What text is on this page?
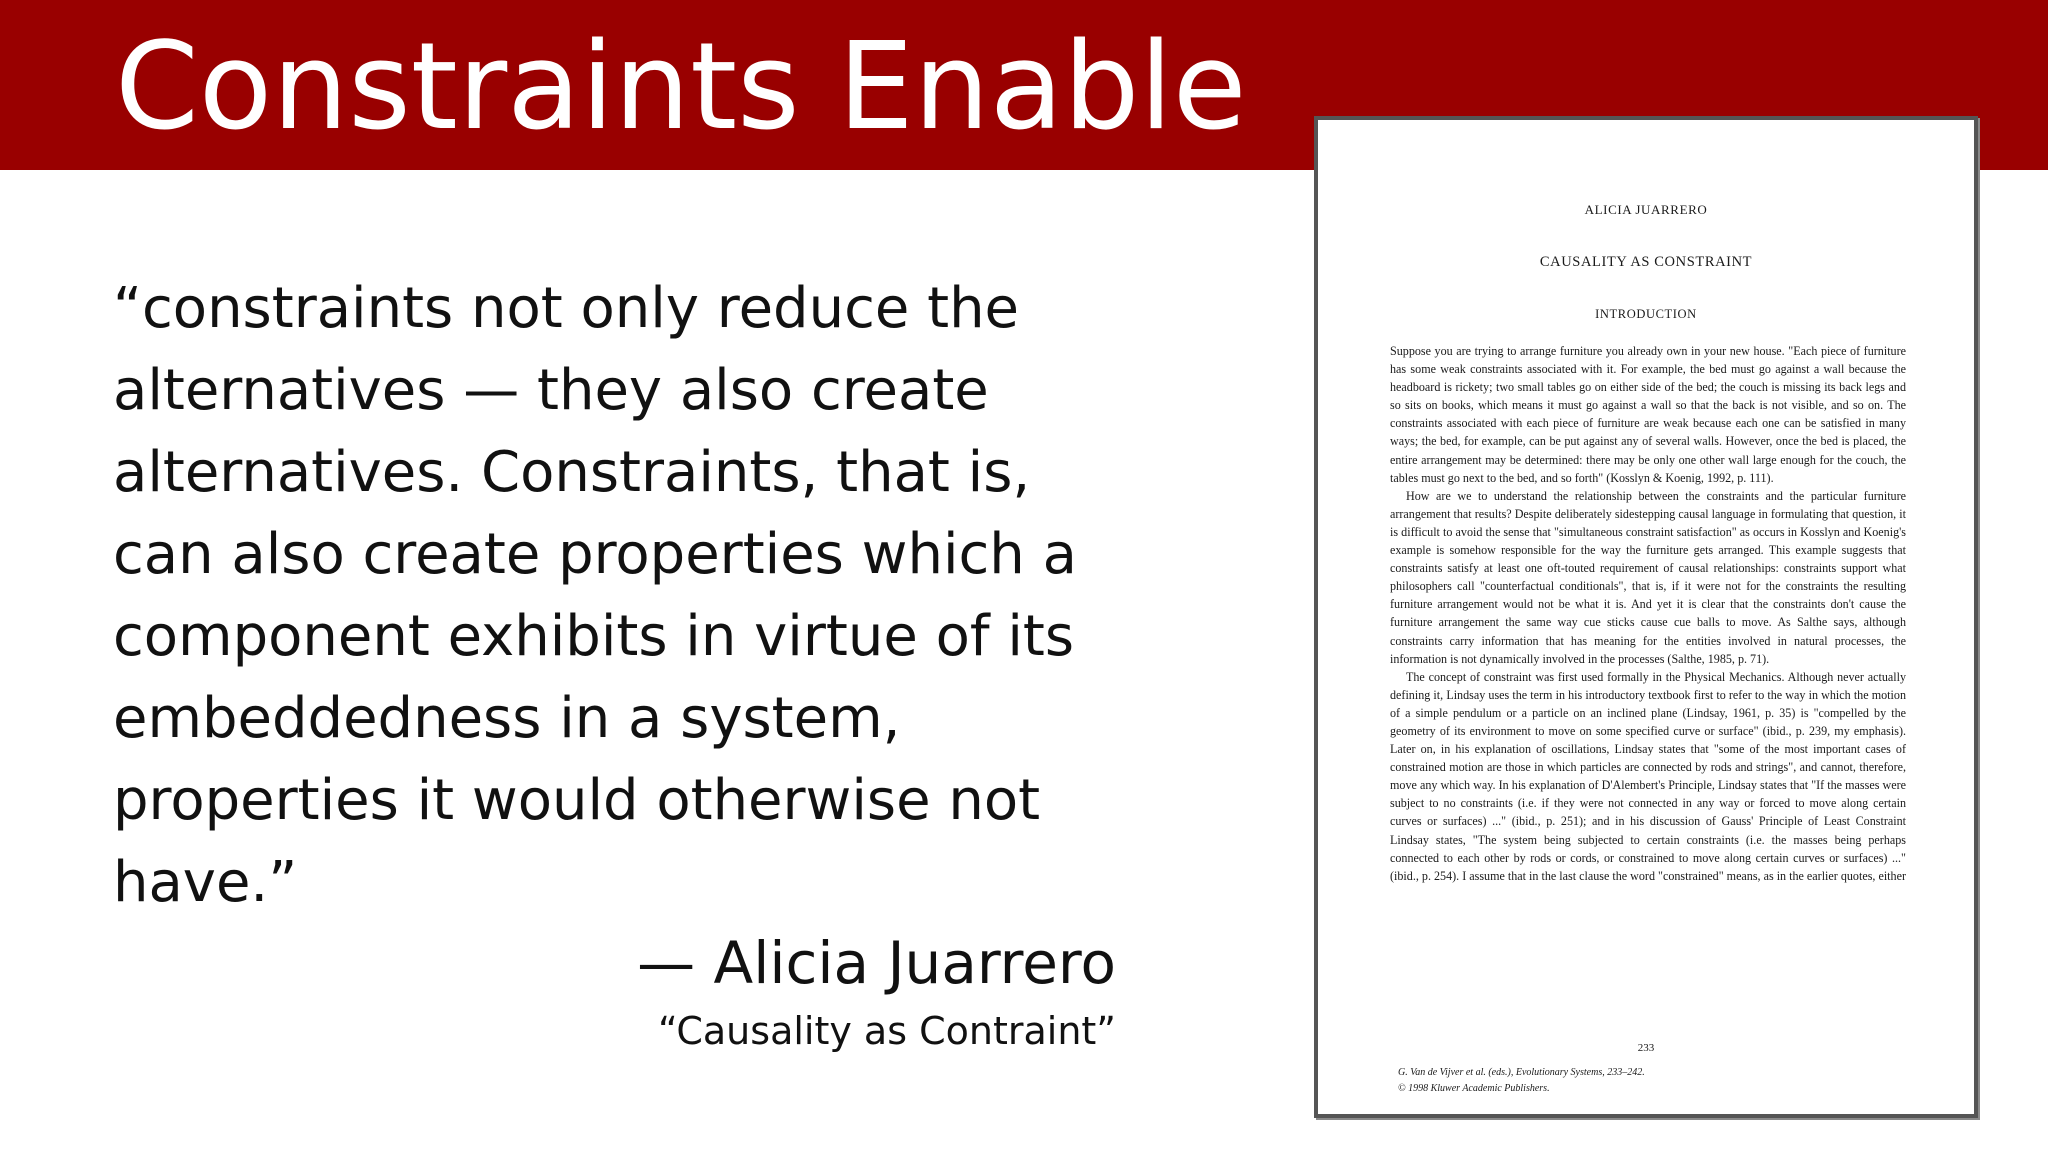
Constraints Enable

“constraints not only reduce the alternatives — they also create alternatives. Constraints, that is, can also create properties which a component exhibits in virtue of its embeddedness in a system, properties it would otherwise not have.”

— Alicia Juarrero

“Causality as Contraint”

ALICIA JUARRERO
CAUSALITY AS CONSTRAINT
INTRODUCTION

Suppose you are trying to arrange furniture you already own in your new house. "Each piece of furniture has some weak constraints associated with it. For example, the bed must go against a wall because the headboard is rickety; two small tables go on either side of the bed; the couch is missing its back legs and so sits on books, which means it must go against a wall so that the back is not visible, and so on. The constraints associated with each piece of furniture are weak because each one can be satisfied in many ways; the bed, for example, can be put against any of several walls. However, once the bed is placed, the entire arrangement may be determined: there may be only one other wall large enough for the couch, the tables must go next to the bed, and so forth" (Kosslyn & Koenig, 1992, p. 111).

How are we to understand the relationship between the constraints and the particular furniture arrangement that results? Despite deliberately sidestepping causal language in formulating that question, it is difficult to avoid the sense that "simultaneous constraint satisfaction" as occurs in Kosslyn and Koenig's example is somehow responsible for the way the furniture gets arranged. This example suggests that constraints satisfy at least one oft-touted requirement of causal relationships: constraints support what philosophers call "counterfactual conditionals", that is, if it were not for the constraints the resulting furniture arrangement would not be what it is. And yet it is clear that the constraints don't cause the furniture arrangement the same way cue sticks cause cue balls to move. As Salthe says, although constraints carry information that has meaning for the entities involved in natural processes, the information is not dynamically involved in the processes (Salthe, 1985, p. 71).

The concept of constraint was first used formally in the Physical Mechanics. Although never actually defining it, Lindsay uses the term in his introductory textbook first to refer to the way in which the motion of a simple pendulum or a particle on an inclined plane (Lindsay, 1961, p. 35) is "compelled by the geometry of its environment to move on some specified curve or surface" (ibid., p. 239, my emphasis). Later on, in his explanation of oscillations, Lindsay states that "some of the most important cases of constrained motion are those in which particles are connected by rods and strings", and cannot, therefore, move any which way. In his explanation of D'Alembert's Principle, Lindsay states that "If the masses were subject to no constraints (i.e. if they were not connected in any way or forced to move along certain curves or surfaces) ..." (ibid., p. 251); and in his discussion of Gauss' Principle of Least Constraint Lindsay states, "The system being subjected to certain constraints (i.e. the masses being perhaps connected to each other by rods or cords, or constrained to move along certain curves or surfaces) ..." (ibid., p. 254). I assume that in the last clause the word "constrained" means, as in the earlier quotes, either

233
G. Van de Vijver et al. (eds.), Evolutionary Systems, 233–242.
© 1998 Kluwer Academic Publishers.
